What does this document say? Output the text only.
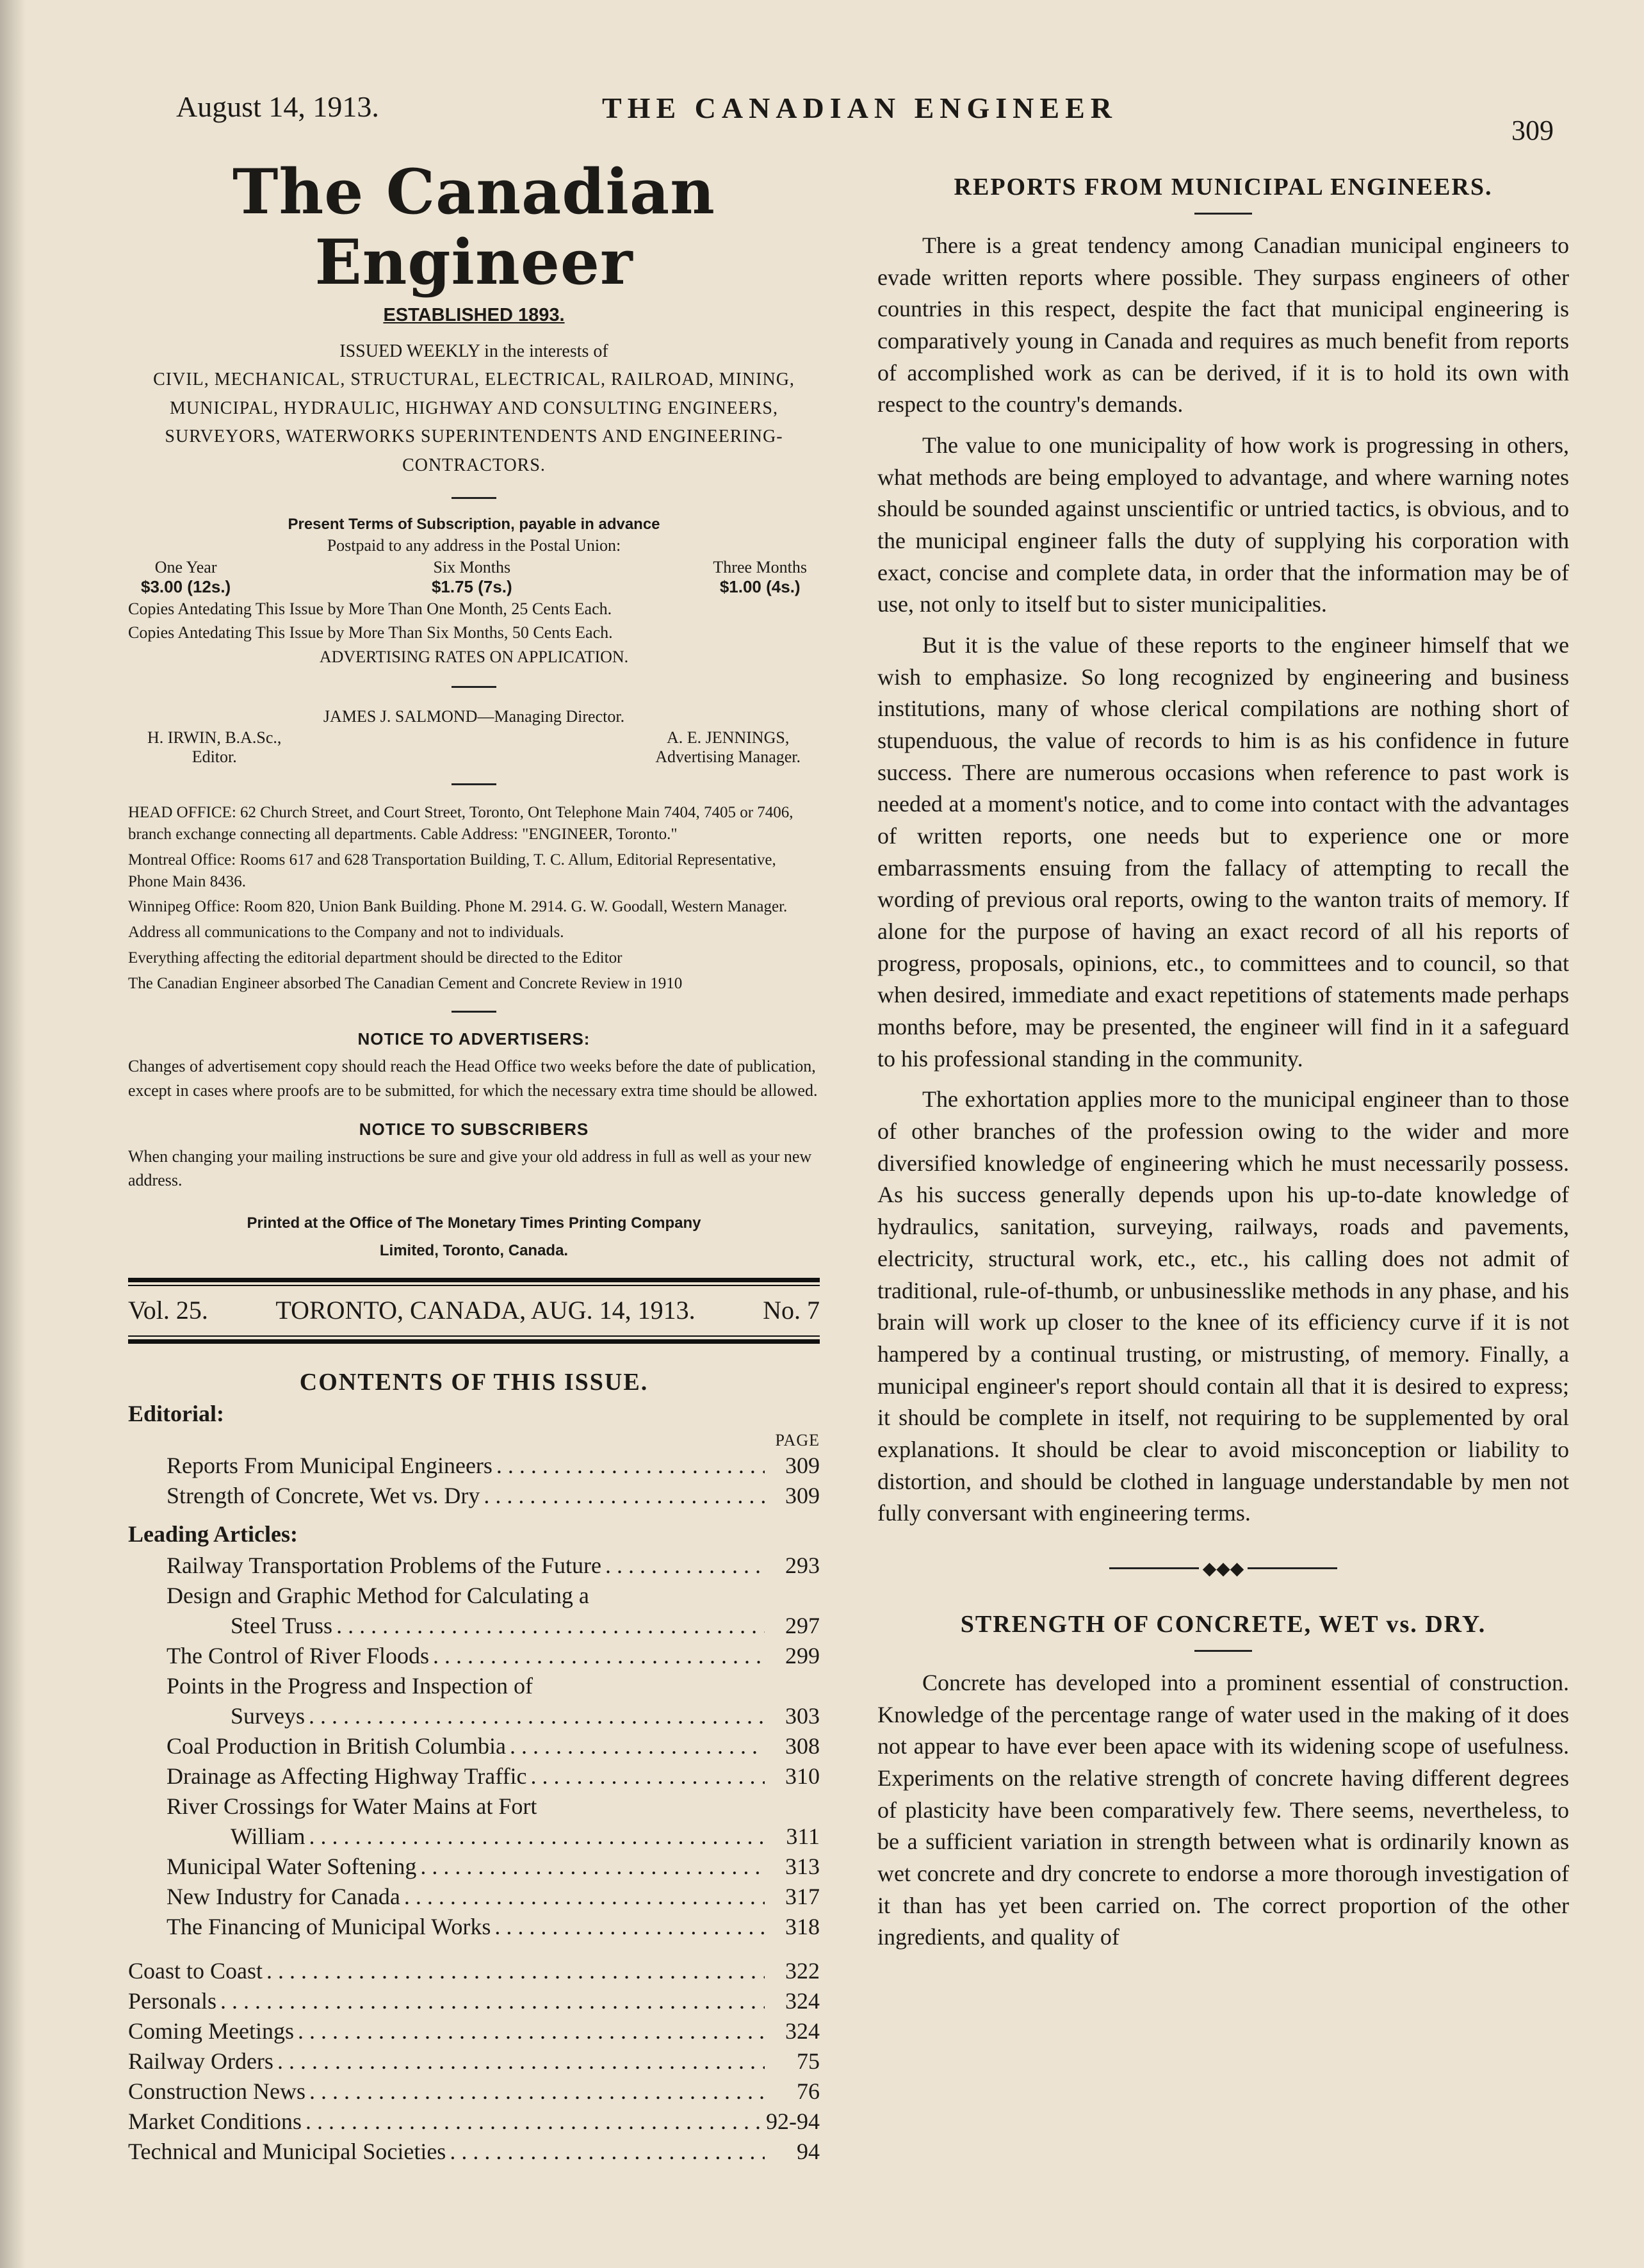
August 14, 1913.	THE CANADIAN ENGINEER
309
The Canadian Engineer
ESTABLISHED 1893.
ISSUED WEEKLY in the interests of
CIVIL, MECHANICAL, STRUCTURAL, ELECTRICAL, RAILROAD, MINING, MUNICIPAL, HYDRAULIC, HIGHWAY AND CONSULTING ENGINEERS, SURVEYORS, WATERWORKS SUPERINTENDENTS AND ENGINEERING-CONTRACTORS.
Present Terms of Subscription, payable in advance
Postpaid to any address in the Postal Union:
One Year
$3.00 (12s.)
Six Months
$1.75 (7s.)
Three Months
$1.00 (4s.)
Copies Antedating This Issue by More Than One Month, 25 Cents Each.
Copies Antedating This Issue by More Than Six Months, 50 Cents Each.
ADVERTISING RATES ON APPLICATION.
JAMES J. SALMOND—Managing Director.
H. IRWIN, B.A.Sc.,
Editor.
A. E. JENNINGS,
Advertising Manager.

HEAD OFFICE: 62 Church Street, and Court Street, Toronto, Ont Telephone Main 7404, 7405 or 7406, branch exchange connecting all departments. Cable Address: "ENGINEER, Toronto."

Montreal Office: Rooms 617 and 628 Transportation Building, T. C. Allum, Editorial Representative, Phone Main 8436.

Winnipeg Office: Room 820, Union Bank Building. Phone M. 2914. G. W. Goodall, Western Manager.

Address all communications to the Company and not to individuals.

Everything affecting the editorial department should be directed to the Editor

The Canadian Engineer absorbed The Canadian Cement and Concrete Review in 1910

NOTICE TO ADVERTISERS:
Changes of advertisement copy should reach the Head Office two weeks before the date of publication, except in cases where proofs are to be submitted, for which the necessary extra time should be allowed.
NOTICE TO SUBSCRIBERS
When changing your mailing instructions be sure and give your old address in full as well as your new address.
Printed at the Office of The Monetary Times Printing Company
Limited, Toronto, Canada.
Vol. 25.	TORONTO, CANADA, AUG. 14, 1913.	No. 7
CONTENTS OF THIS ISSUE.
Editorial:
PAGE
Reports From Municipal Engineers . . .	309
Strength of Concrete, Wet vs. Dry . . .	309
Leading Articles:
Railway Transportation Problems of the Future . . .	293
Design and Graphic Method for Calculating a
Steel Truss . . .	297
The Control of River Floods . . .	299
Points in the Progress and Inspection of
Surveys . . .	303
Coal Production in British Columbia . . .	308
Drainage as Affecting Highway Traffic . . .	310
River Crossings for Water Mains at Fort
William . . .	311
Municipal Water Softening . . .	313
New Industry for Canada . . .	317
The Financing of Municipal Works . . .	318
Coast to Coast . . .	322
Personals . . .	324
Coming Meetings . . .	324
Railway Orders . . .	75
Construction News . . .	76
Market Conditions . . .	92-94
Technical and Municipal Societies . . .	94
REPORTS FROM MUNICIPAL ENGINEERS.

There is a great tendency among Canadian municipal engineers to evade written reports where possible. They surpass engineers of other countries in this respect, despite the fact that municipal engineering is comparatively young in Canada and requires as much benefit from reports of accomplished work as can be derived, if it is to hold its own with respect to the country's demands.

The value to one municipality of how work is progressing in others, what methods are being employed to advantage, and where warning notes should be sounded against unscientific or untried tactics, is obvious, and to the municipal engineer falls the duty of supplying his corporation with exact, concise and complete data, in order that the information may be of use, not only to itself but to sister municipalities.

But it is the value of these reports to the engineer himself that we wish to emphasize. So long recognized by engineering and business institutions, many of whose clerical compilations are nothing short of stupenduous, the value of records to him is as his confidence in future success. There are numerous occasions when reference to past work is needed at a moment's notice, and to come into contact with the advantages of written reports, one needs but to experience one or more embarrassments ensuing from the fallacy of attempting to recall the wording of previous oral reports, owing to the wanton traits of memory. If alone for the purpose of having an exact record of all his reports of progress, proposals, opinions, etc., to committees and to council, so that when desired, immediate and exact repetitions of statements made perhaps months before, may be presented, the engineer will find in it a safeguard to his professional standing in the community.

The exhortation applies more to the municipal engineer than to those of other branches of the profession owing to the wider and more diversified knowledge of engineering which he must necessarily possess. As his success generally depends upon his up-to-date knowledge of hydraulics, sanitation, surveying, railways, roads and pavements, electricity, structural work, etc., etc., his calling does not admit of traditional, rule-of-thumb, or unbusinesslike methods in any phase, and his brain will work up closer to the knee of its efficiency curve if it is not hampered by a continual trusting, or mistrusting, of memory. Finally, a municipal engineer's report should contain all that it is desired to express; it should be complete in itself, not requiring to be supplemented by oral explanations. It should be clear to avoid misconception or liability to distortion, and should be clothed in language understandable by men not fully conversant with engineering terms.

◆◆◆
STRENGTH OF CONCRETE, WET vs. DRY.

Concrete has developed into a prominent essential of construction. Knowledge of the percentage range of water used in the making of it does not appear to have ever been apace with its widening scope of usefulness. Experiments on the relative strength of concrete having different degrees of plasticity have been comparatively few. There seems, nevertheless, to be a sufficient variation in strength between what is ordinarily known as wet concrete and dry concrete to endorse a more thorough investigation of it than has yet been carried on. The correct proportion of the other ingredients, and quality of
